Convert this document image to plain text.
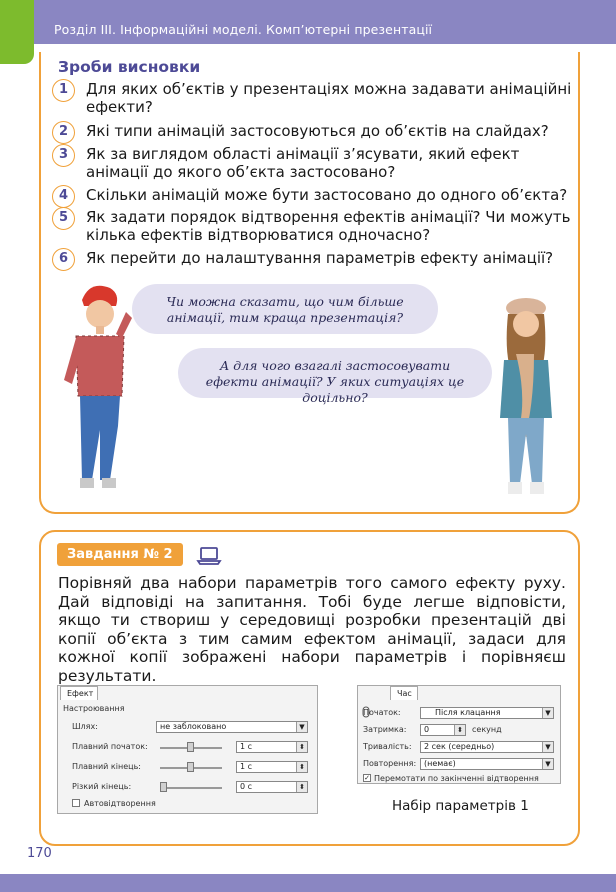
Розділ ІІІ. Інформаційні моделі. Комп’ютерні презентації
Зроби висновки
1	Для яких об’єктів у презентаціях можна задавати анімаційні ефекти?
2	Які типи анімацій застосовуються до об’єктів на слайдах?
3	Як за виглядом області анімації з’ясувати, який ефект анімації до якого об’єкта застосовано?
4	Скільки анімацій може бути застосовано до одного об’єкта?
5	Як задати порядок відтворення ефектів анімації? Чи можуть кілька ефектів відтворюватися одночасно?
6	Як перейти до налаштування параметрів ефекту анімації?
Чи можна сказати, що чим більше анімації, тим краща презентація?
А для чого взагалі застосовувати ефекти анімації? У яких ситуаціях це доцільно?
Завдання № 2
Порівняй два набори параметрів того самого ефекту руху. Дай відповіді на запитання. Тобі буде легше відповісти, якщо ти створиш у середовищі розробки презентацій дві копії об’єкта з тим самим ефектом анімації, задаси для кожної копії зображені набори параметрів і порівняєш результати.
Ефект
Настроювання
Шлях:	не заблоковано	▼
Плавний початок:	1 с	⬍
Плавний кінець:	1 с	⬍
Різкий кінець:	0 с	⬍
Автовідтворення
Час
Початок:	Після клацання	▼
Затримка:	0	⬍ секунд
Тривалість:	2 сек (середньо)	▼
Повторення: (немає)	▼
✓ Перемотати по закінченні відтворення
Набір параметрів 1
170
